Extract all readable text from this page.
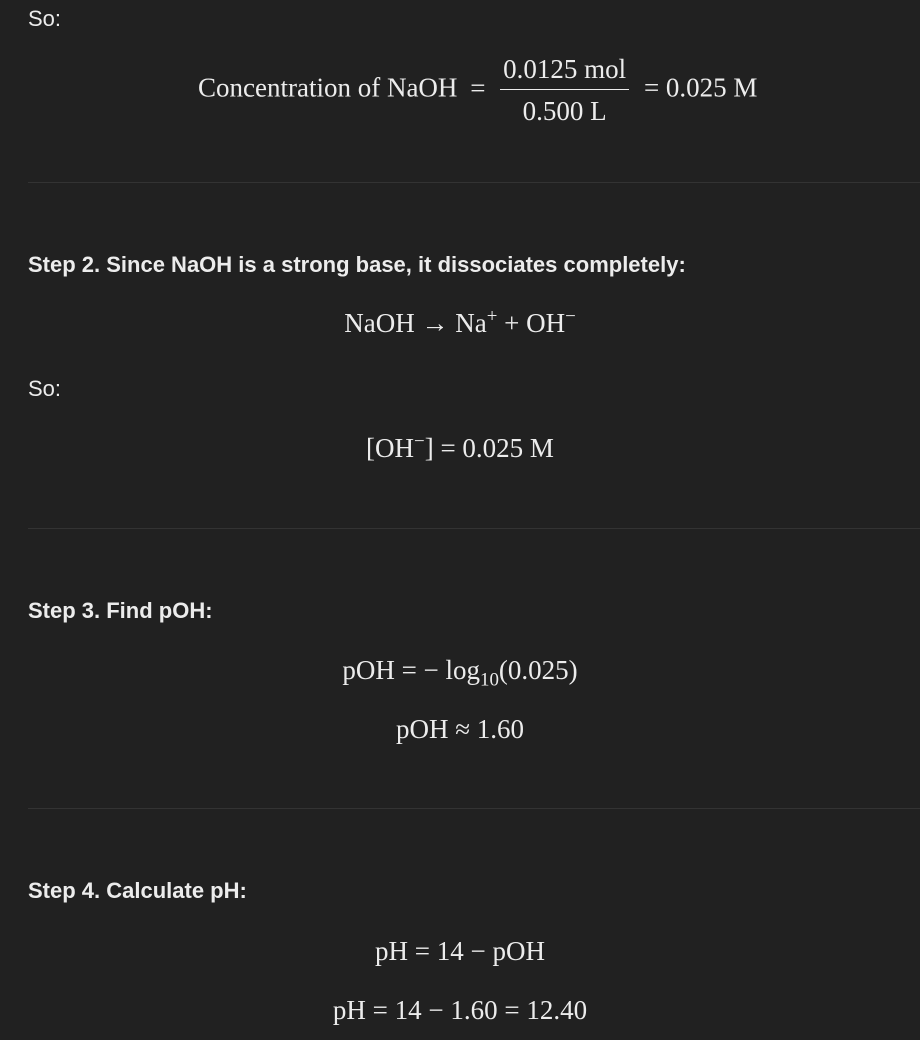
So:
Concentration of NaOH = $\frac{\text{0.0125 mol}}{0.500 L} = 0.025$ M
Step 2. Since NaOH is a strong base, it dissociates completely:
NaOH → Na+ + OH−
So:
[OH−] = 0.025 M
Step 3. Find pOH:
pOH = − $\log_{10}(0.025)$
pOH ≈ 1.60
Step 4. Calculate pH:
pH = 14 − pOH
pH = 14 − 1.60 = 12.40
